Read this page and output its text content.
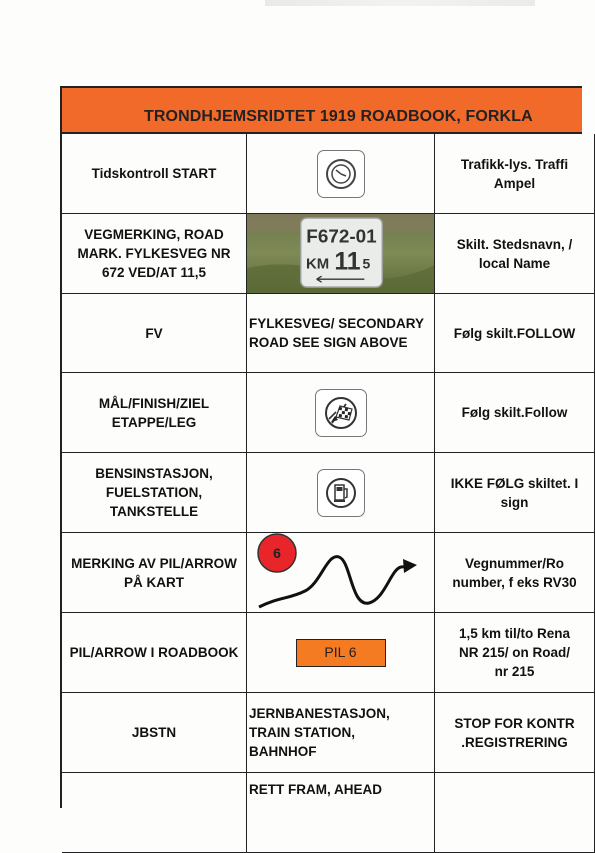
TRONDHJEMSRIDTET 1919 ROADBOOK, FORKLA
Tidskontroll START
Trafikk-lys. Traffi
Ampel
VEGMERKING, ROAD
MARK. FYLKESVEG NR
672 VED/AT 11,5
F672-01
KM 11 5
Skilt. Stedsnavn, /
local Name
FV
FYLKESVEG/ SECONDARY
ROAD SEE SIGN ABOVE
Følg skilt.FOLLOW
MÅL/FINISH/ZIEL
ETAPPE/LEG
Følg skilt.Follow
BENSINSTASJON,
FUELSTATION,
TANKSTELLE
IKKE FØLG skiltet. I
sign
MERKING AV PIL/ARROW
PÅ KART
6
Vegnummer/Ro
number, f eks RV30
PIL/ARROW I ROADBOOK	PIL 6
1,5 km til/to Rena
NR 215/ on Road/
nr 215
JBSTN
JERNBANESTASJON,
TRAIN STATION,
BAHNHOF
STOP FOR KONTR
.REGISTRERING
RETT FRAM, AHEAD
